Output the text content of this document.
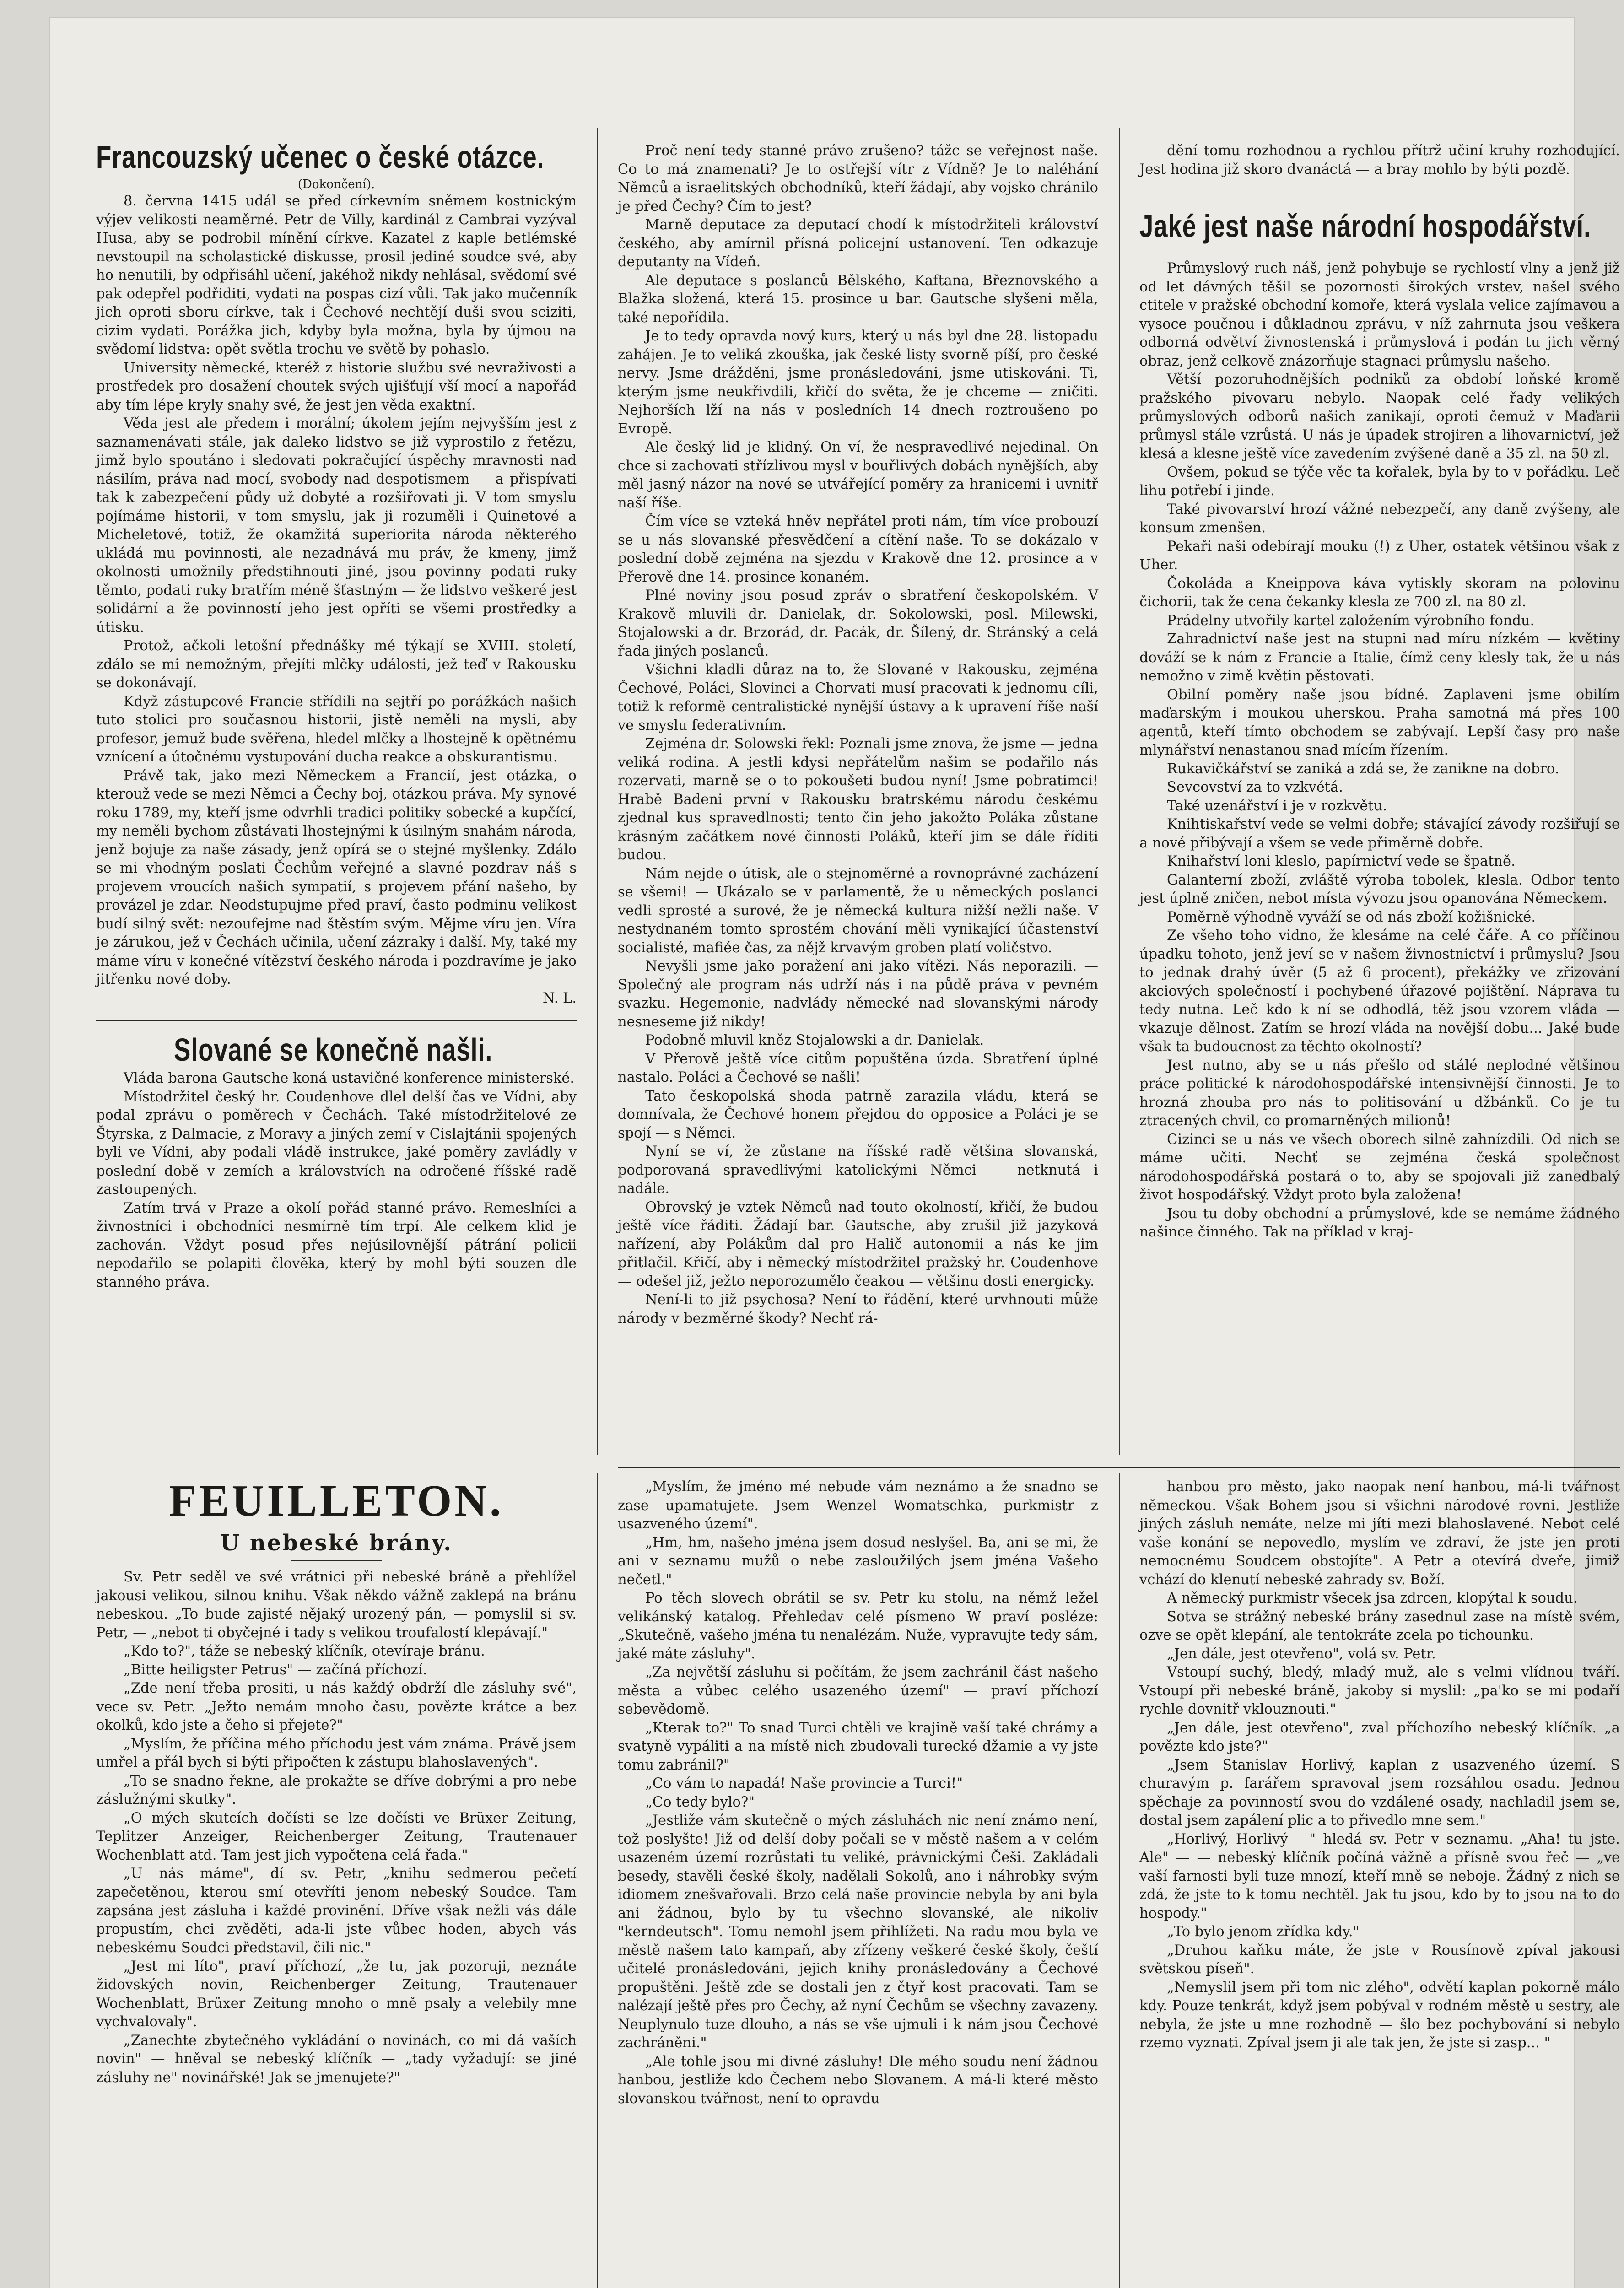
Francouzský učenec o české otázce.
(Dokončení).

8. června 1415 udál se před církevním sněmem kostnickým výjev velikosti neaměrné. Petr de Villy, kardinál z Cambrai vyzýval Husa, aby se podrobil mínění církve. Kazatel z kaple betlémské nevstoupil na scholastické diskusse, prosil jediné soudce své, aby ho nenutili, by odpřisáhl učení, jakéhož nikdy nehlásal, svědomí své pak odepřel podřiditi, vydati na pospas cizí vůli. Tak jako mučenník jich oproti sboru církve, tak i Čechové nechtějí duši svou sciziti, cizim vydati. Porážka jich, kdyby byla možna, byla by újmou na svědomí lidstva: opět světla trochu ve světě by pohaslo.

University německé, kteréž z historie službu své nevraživosti a prostředek pro dosažení choutek svých ujišťují vší mocí a napořád aby tím lépe kryly snahy své, že jest jen věda exaktní.

Věda jest ale předem i morální; úkolem jejím nejvyšším jest z saznamenávati stále, jak daleko lidstvo se již vyprostilo z řetězu, jimž bylo spoutáno i sledovati pokračující úspěchy mravnosti nad násilím, práva nad mocí, svobody nad despotismem — a přispívati tak k zabezpečení půdy už dobyté a rozšiřovati ji. V tom smyslu pojímáme historii, v tom smyslu, jak ji rozuměli i Quinetové a Micheletové, totiž, že okamžitá superiorita národa některého ukládá mu povinnosti, ale nezadnává mu práv, že kmeny, jimž okolnosti umožnily předstihnouti jiné, jsou povinny podati ruky těmto, podati ruky bratřím méně šťastným — že lidstvo veškeré jest solidární a že povinností jeho jest opříti se všemi prostředky a útisku.

Protož, ačkoli letošní přednášky mé týkají se XVIII. století, zdálo se mi nemožným, přejíti mlčky události, jež teď v Rakousku se dokonávají.

Když zástupcové Francie střídili na sejtří po porážkách našich tuto stolici pro současnou historii, jistě neměli na mysli, aby profesor, jemuž bude svěřena, hledel mlčky a lhostejně k opětnému vznícení a útočnému vystupování ducha reakce a obskurantismu.

Právě tak, jako mezi Německem a Francií, jest otázka, o kterouž vede se mezi Němci a Čechy boj, otázkou práva. My synové roku 1789, my, kteří jsme odvrhli tradici politiky sobecké a kupčící, my neměli bychom zůstávati lhostejnými k úsilným snahám národa, jenž bojuje za naše zásady, jenž opírá se o stejné myšlenky. Zdálo se mi vhodným poslati Čechům veřejné a slavné pozdrav náš s projevem vroucích našich sympatií, s projevem přání našeho, by provázel je zdar. Neodstupujme před praví, často podminu velikost budí silný svět: nezoufejme nad štěstím svým. Mějme víru jen. Víra je zárukou, jež v Čechách učinila, učení zázraky i další. My, také my máme víru v konečné vítězství českého národa i pozdravíme je jako jitřenku nové doby.

N. L.
Slované se konečně našli.

Vláda barona Gautsche koná ustavičné konference ministerské.

Místodržitel český hr. Coudenhove dlel delší čas ve Vídni, aby podal zprávu o poměrech v Čechách. Také místodržitelové ze Štyrska, z Dalmacie, z Moravy a jiných zemí v Cislajtánii spojených byli ve Vídni, aby podali vládě instrukce, jaké poměry zavládly v poslední době v zemích a královstvích na odročené říšské radě zastoupených.

Zatím trvá v Praze a okolí pořád stanné právo. Remeslníci a živnostníci i obchodníci nesmírně tím trpí. Ale celkem klid je zachován. Vždyt posud přes nejúsilovnější pátrání policii nepodařilo se polapiti člověka, který by mohl býti souzen dle stanného práva.

Proč není tedy stanné právo zrušeno? tážc se veřejnost naše. Co to má znamenati? Je to ostřejší vítr z Vídně? Je to naléhání Němců a israelitských obchodníků, kteří žádají, aby vojsko chránilo je před Čechy? Čím to jest?

Marně deputace za deputací chodí k místodržiteli království českého, aby amírnil přísná policejní ustanovení. Ten odkazuje deputanty na Vídeň.

Ale deputace s poslanců Bělského, Kaftana, Březnovského a Blažka složená, která 15. prosince u bar. Gautsche slyšeni měla, také nepořídila.

Je to tedy opravda nový kurs, který u nás byl dne 28. listopadu zahájen. Je to veliká zkouška, jak české listy svorně píší, pro české nervy. Jsme drážděni, jsme pronásledováni, jsme utiskováni. Ti, kterým jsme neukřivdili, křičí do světa, že je chceme — zničiti. Nejhorších lží na nás v posledních 14 dnech roztroušeno po Evropě.

Ale český lid je klidný. On ví, že nespravedlivé nejedinal. On chce si zachovati střízlivou mysl v bouřlivých dobách nynějších, aby měl jasný názor na nové se utvářející poměry za hranicemi i uvnitř naší říše.

Čím více se vzteká hněv nepřátel proti nám, tím více probouzí se u nás slovanské přesvědčení a cítění naše. To se dokázalo v poslední době zejména na sjezdu v Krakově dne 12. prosince a v Přerově dne 14. prosince konaném.

Plné noviny jsou posud zpráv o sbratření českopolském. V Krakově mluvili dr. Danielak, dr. Sokolowski, posl. Milewski, Stojalowski a dr. Brzorád, dr. Pacák, dr. Šílený, dr. Stránský a celá řada jiných poslanců.

Všichni kladli důraz na to, že Slované v Rakousku, zejména Čechové, Poláci, Slovinci a Chorvati musí pracovati k jednomu cíli, totiž k reformě centralistické nynější ústavy a k upravení říše naší ve smyslu federativním.

Zejména dr. Solowski řekl: Poznali jsme znova, že jsme — jedna veliká rodina. A jestli kdysi nepřátelům našim se podařilo nás rozervati, marně se o to pokoušeti budou nyní! Jsme pobratimci! Hrabě Badeni první v Rakousku bratrskému národu českému zjednal kus spravedlnosti; tento čin jeho jakožto Poláka zůstane krásným začátkem nové činnosti Poláků, kteří jim se dále říditi budou.

Nám nejde o útisk, ale o stejnoměrné a rovnoprávné zacházení se všemi! — Ukázalo se v parlamentě, že u německých poslanci vedli sprosté a surové, že je německá kultura nižší nežli naše. V nestydnaném tomto sprostém chování měli vynikající účastenství socialisté, mafiée čas, za nějž krvavým groben platí voličstvo.

Nevyšli jsme jako poražení ani jako vítězi. Nás neporazili. — Společný ale program nás udrží nás i na půdě práva v pevném svazku. Hegemonie, nadvlády německé nad slovanskými národy nesneseme již nikdy!

Podobně mluvil kněz Stojalowski a dr. Danielak.

V Přerově ještě více citům popuštěna úzda. Sbratření úplné nastalo. Poláci a Čechové se našli!

Tato českopolská shoda patrně zarazila vládu, která se domnívala, že Čechové honem přejdou do opposice a Poláci je se spojí — s Němci.

Nyní se ví, že zůstane na říšské radě většina slovanská, podporovaná spravedlivými katolickými Němci — netknutá i nadále.

Obrovský je vztek Němců nad touto okolností, křičí, že budou ještě více řáditi. Žádají bar. Gautsche, aby zrušil již jazyková nařízení, aby Polákům dal pro Halič autonomii a nás ke jim přitlačil. Křičí, aby i německý místodržitel pražský hr. Coudenhove — odešel již, ježto neporozumělo čeakou — většinu dosti energicky.

Není-li to již psychosa? Není to řádění, které urvhnouti může národy v bezměrné škody? Nechť rá-

dění tomu rozhodnou a rychlou přítrž učiní kruhy rozhodující. Jest hodina již skoro dvanáctá — a bray mohlo by býti pozdě.

Jaké jest naše národní hospodářství.

Průmyslový ruch náš, jenž pohybuje se rychlostí vlny a jenž již od let dávných těšil se pozornosti širokých vrstev, našel svého ctitele v pražské obchodní komoře, která vyslala velice zajímavou a vysoce poučnou i důkladnou zprávu, v níž zahrnuta jsou veškera odborná odvětví živnostenská i průmyslová i podán tu jich věrný obraz, jenž celkově znázorňuje stagnaci průmyslu našeho.

Větší pozoruhodnějších podniků za období loňské kromě pražského pivovaru nebylo. Naopak celé řady velikých průmyslových odborů našich zanikají, oproti čemuž v Maďarii průmysl stále vzrůstá. U nás je úpadek strojiren a lihovarnictví, jež klesá a klesne ještě více zavedením zvýšené daně a 35 zl. na 50 zl.

Ovšem, pokud se týče věc ta kořalek, byla by to v pořádku. Leč lihu potřebí i jinde.

Také pivovarství hrozí vážné nebezpečí, any daně zvýšeny, ale konsum zmenšen.

Pekaři naši odebírají mouku (!) z Uher, ostatek většinou však z Uher.

Čokoláda a Kneippova káva vytiskly skoram na polovinu čichorii, tak že cena čekanky klesla ze 700 zl. na 80 zl.

Prádelny utvořily kartel založením výrobního fondu.

Zahradnictví naše jest na stupni nad míru nízkém — květiny dováží se k nám z Francie a Italie, čímž ceny klesly tak, že u nás nemožno v zimě květin pěstovati.

Obilní poměry naše jsou bídné. Zaplaveni jsme obilím maďarským i moukou uherskou. Praha samotná má přes 100 agentů, kteří tímto obchodem se zabývají. Lepší časy pro naše mlynářství nenastanou snad mícím řízením.

Rukavičkářství se zaniká a zdá se, že zanikne na dobro.

Sevcovství za to vzkvétá.

Také uzenářství i je v rozkvětu.

Knihtiskařství vede se velmi dobře; stávající závody rozšiřují se a nové přibývají a všem se vede přiměrně dobře.

Knihařství loni kleslo, papírnictví vede se špatně.

Galanterní zboží, zvláště výroba tobolek, klesla. Odbor tento jest úplně zničen, nebot místa vývozu jsou opanována Německem.

Poměrně výhodně vyváží se od nás zboží kožišnické.

Ze všeho toho vidno, že klesáme na celé čáře. A co příčinou úpadku tohoto, jenž jeví se v našem živnostnictví i průmyslu? Jsou to jednak drahý úvěr (5 až 6 procent), překážky ve zřizování akciových společností i pochybené úřazové pojištění. Náprava tu tedy nutna. Leč kdo k ní se odhodlá, těž jsou vzorem vláda — vkazuje dělnost. Zatím se hrozí vláda na novější dobu... Jaké bude však ta budoucnost za těchto okolností?

Jest nutno, aby se u nás přešlo od stálé neplodné většinou práce politické k národohospodářské intensivnější činnosti. Je to hrozná zhouba pro nás to politisování u džbánků. Co je tu ztracených chvil, co promarněných milionů!

Cizinci se u nás ve všech oborech silně zahnízdili. Od nich se máme učiti. Nechť se zejména česká společnost národohospodářská postará o to, aby se spojovali již zanedbalý život hospodářský. Vždyt proto byla založena!

Jsou tu doby obchodní a průmyslové, kde se nemáme žádného našince činného. Tak na příklad v kraj-

FEUILLETON.
U nebeské brány.

Sv. Petr seděl ve své vrátnici při nebeské bráně a přehlížel jakousi velikou, silnou knihu. Však někdo vážně zaklepá na bránu nebeskou. „To bude zajisté nějaký urozený pán, — pomyslil si sv. Petr, — „nebot ti obyčejné i tady s velikou troufalostí klepávají."

„Kdo to?", táže se nebeský klíčník, otevíraje bránu.

„Bitte heiligster Petrus" — začíná příchozí.

„Zde není třeba prositi, u nás každý obdrží dle zásluhy své", vece sv. Petr. „Ježto nemám mnoho času, povězte krátce a bez okolků, kdo jste a čeho si přejete?"

„Myslím, že příčina mého příchodu jest vám známa. Právě jsem umřel a přál bych si býti připočten k zástupu blahoslavených".

„To se snadno řekne, ale prokažte se dříve dobrými a pro nebe záslužnými skutky".

„O mých skutcích dočísti se lze dočísti ve Brüxer Zeitung, Teplitzer Anzeiger, Reichenberger Zeitung, Trautenauer Wochenblatt atd. Tam jest jich vypočtena celá řada."

„U nás máme", dí sv. Petr, „knihu sedmerou pečetí zapečetěnou, kterou smí otevříti jenom nebeský Soudce. Tam zapsána jest zásluha i každé provinění. Dříve však nežli vás dále propustím, chci zvěděti, ada-li jste vůbec hoden, abych vás nebeskému Soudci představil, čili nic."

„Jest mi líto", praví příchozí, „že tu, jak pozoruji, neznáte židovských novin, Reichenberger Zeitung, Trautenauer Wochenblatt, Brüxer Zeitung mnoho o mně psaly a velebily mne vychvalovaly".

„Zanechte zbytečného vykládání o novinách, co mi dá vaších novin" — hněval se nebeský klíčník — „tady vyžadují: se jiné zásluhy ne" novinářské! Jak se jmenujete?"

„Myslím, že jméno mé nebude vám neznámo a že snadno se zase upamatujete. Jsem Wenzel Womatschka, purkmistr z usazveného území".

„Hm, hm, našeho jména jsem dosud neslyšel. Ba, ani se mi, že ani v seznamu mužů o nebe zasloužilých jsem jména Vašeho nečetl."

Po těch slovech obrátil se sv. Petr ku stolu, na němž ležel velikánský katalog. Přehledav celé písmeno W praví posléze: „Skutečně, vašeho jména tu nenalézám. Nuže, vypravujte tedy sám, jaké máte zásluhy".

„Za největší zásluhu si počítám, že jsem zachránil část našeho města a vůbec celého usazeného území" — praví příchozí sebevědomě.

„Kterak to?" To snad Turci chtěli ve krajině vaší také chrámy a svatyně vypáliti a na místě nich zbudovali turecké džamie a vy jste tomu zabránil?"

„Co vám to napadá! Naše provincie a Turci!"

„Co tedy bylo?"

„Jestliže vám skutečně o mých zásluhách nic není známo není, tož poslyšte! Již od delší doby počali se v městě našem a v celém usazeném území rozrůstati tu veliké, právnickými Češi. Zakládali besedy, stavěli české školy, nadělali Sokolů, ano i náhrobky svým idiomem znešvařovali. Brzo celá naše provincie nebyla by ani byla ani žádnou, bylo by tu všechno slovanské, ale nikoliv "kerndeutsch". Tomu nemohl jsem přihlížeti. Na radu mou byla ve městě našem tato kampaň, aby zřízeny veškeré české školy, čeští učitelé pronásledováni, jejich knihy pronásledovány a Čechové propuštěni. Ještě zde se dostali jen z čtyř kost pracovati. Tam se nalézají ještě přes pro Čechy, až nyní Čechům se všechny zavazeny. Neuplynulo tuze dlouho, a nás se vše ujmuli i k nám jsou Čechové zachráněni."

„Ale tohle jsou mi divné zásluhy! Dle mého soudu není žádnou hanbou, jestliže kdo Čechem nebo Slovanem. A má-li které město slovanskou tvářnost, není to opravdu

hanbou pro město, jako naopak není hanbou, má-li tvářnost německou. Však Bohem jsou si všichni národové rovni. Jestliže jiných zásluh nemáte, nelze mi jíti mezi blahoslavené. Nebot celé vaše konání se nepovedlo, myslím ve zdraví, že jste jen proti nemocnému Soudcem obstojíte". A Petr a otevírá dveře, jimiž vchází do klenutí nebeské zahrady sv. Boží.

A německý purkmistr všecek jsa zdrcen, klopýtal k soudu.

Sotva se strážný nebeské brány zasednul zase na místě svém, ozve se opět klepání, ale tentokráte zcela po tichounku.

„Jen dále, jest otevřeno", volá sv. Petr.

Vstoupí suchý, bledý, mladý muž, ale s velmi vlídnou tváří. Vstoupí při nebeské bráně, jakoby si myslil: „pa'ko se mi podaří rychle dovnitř vklouznouti."

„Jen dále, jest otevřeno", zval příchozího nebeský klíčník. „a povězte kdo jste?"

„Jsem Stanislav Horlivý, kaplan z usazveného území. S churavým p. farářem spravoval jsem rozsáhlou osadu. Jednou spěchaje za povinností svou do vzdálené osady, nachladil jsem se, dostal jsem zapálení plic a to přivedlo mne sem."

„Horlivý, Horlivý —" hledá sv. Petr v seznamu. „Aha! tu jste. Ale" — — nebeský klíčník počíná vážně a přísně svou řeč — „ve vaší farnosti byli tuze mnozí, kteří mně se neboje. Žádný z nich se zdá, že jste to k tomu nechtěl. Jak tu jsou, kdo by to jsou na to do hospody."

„To bylo jenom zřídka kdy."

„Druhou kaňku máte, že jste v Rousínově zpíval jakousi světskou píseň".

„Nemyslil jsem při tom nic zlého", odvětí kaplan pokorně málo kdy. Pouze tenkrát, když jsem pobýval v rodném městě u sestry, ale nebyla, že jste u mne rozhodně — šlo bez pochybování si nebylo rzemo vyznati. Zpíval jsem ji ale tak jen, že jste si zasp... "
